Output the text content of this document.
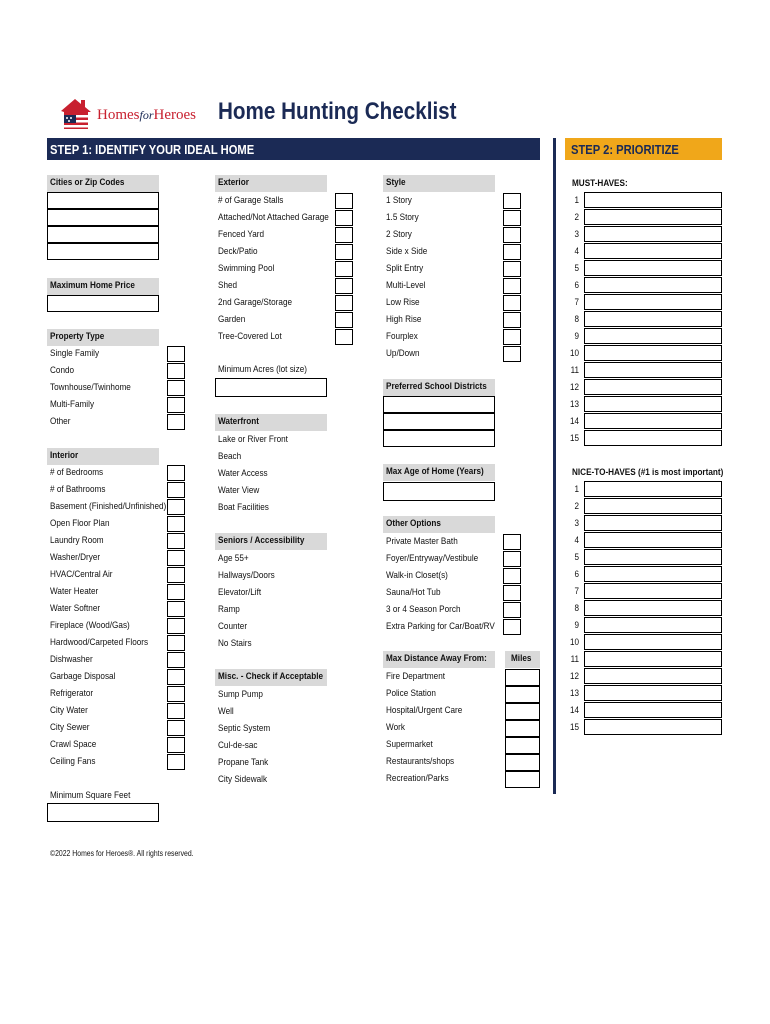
HomesforHeroes Home Hunting Checklist
STEP 1: IDENTIFY YOUR IDEAL HOME	STEP 2: PRIORITIZE
Cities or Zip Codes
Maximum Home Price
Property Type
Interior
Minimum Square Feet
©2022 Homes for Heroes®. All rights reserved.
Exterior
Minimum Acres (lot size)
Waterfront
Seniors / Accessibility
Misc. - Check if Acceptable
Style
Preferred School Districts
Max Age of Home (Years)
Other Options
Max Distance Away From:	Miles
MUST-HAVES:
NICE-TO-HAVES (#1 is most important)
Single Family
Condo
Townhouse/Twinhome
Multi-Family
Other
# of Bedrooms
# of Bathrooms
Basement (Finished/Unfinished)
Open Floor Plan
Laundry Room
Washer/Dryer
HVAC/Central Air
Water Heater
Water Softner
Fireplace (Wood/Gas)
Hardwood/Carpeted Floors
Dishwasher
Garbage Disposal
Refrigerator
City Water
City Sewer
Crawl Space
Ceiling Fans
# of Garage Stalls
Attached/Not Attached Garage
Fenced Yard
Deck/Patio
Swimming Pool
Shed
2nd Garage/Storage
Garden
Tree-Covered Lot
Lake or River Front
Beach
Water Access
Water View
Boat Facilities
Age 55+
Hallways/Doors
Elevator/Lift
Ramp
Counter
No Stairs
Sump Pump
Well
Septic System
Cul-de-sac
Propane Tank
City Sidewalk
1 Story
1.5 Story
2 Story
Side x Side
Split Entry
Multi-Level
Low Rise
High Rise
Fourplex
Up/Down
Private Master Bath
Foyer/Entryway/Vestibule
Walk-in Closet(s)
Sauna/Hot Tub
3 or 4 Season Porch
Extra Parking for Car/Boat/RV
Fire Department
Police Station
Hospital/Urgent Care
Work
Supermarket
Restaurants/shops
Recreation/Parks
1
2
3
4
5
6
7
8
9
10
11
12
13
14
15
1
2
3
4
5
6
7
8
9
10
11
12
13
14
15
